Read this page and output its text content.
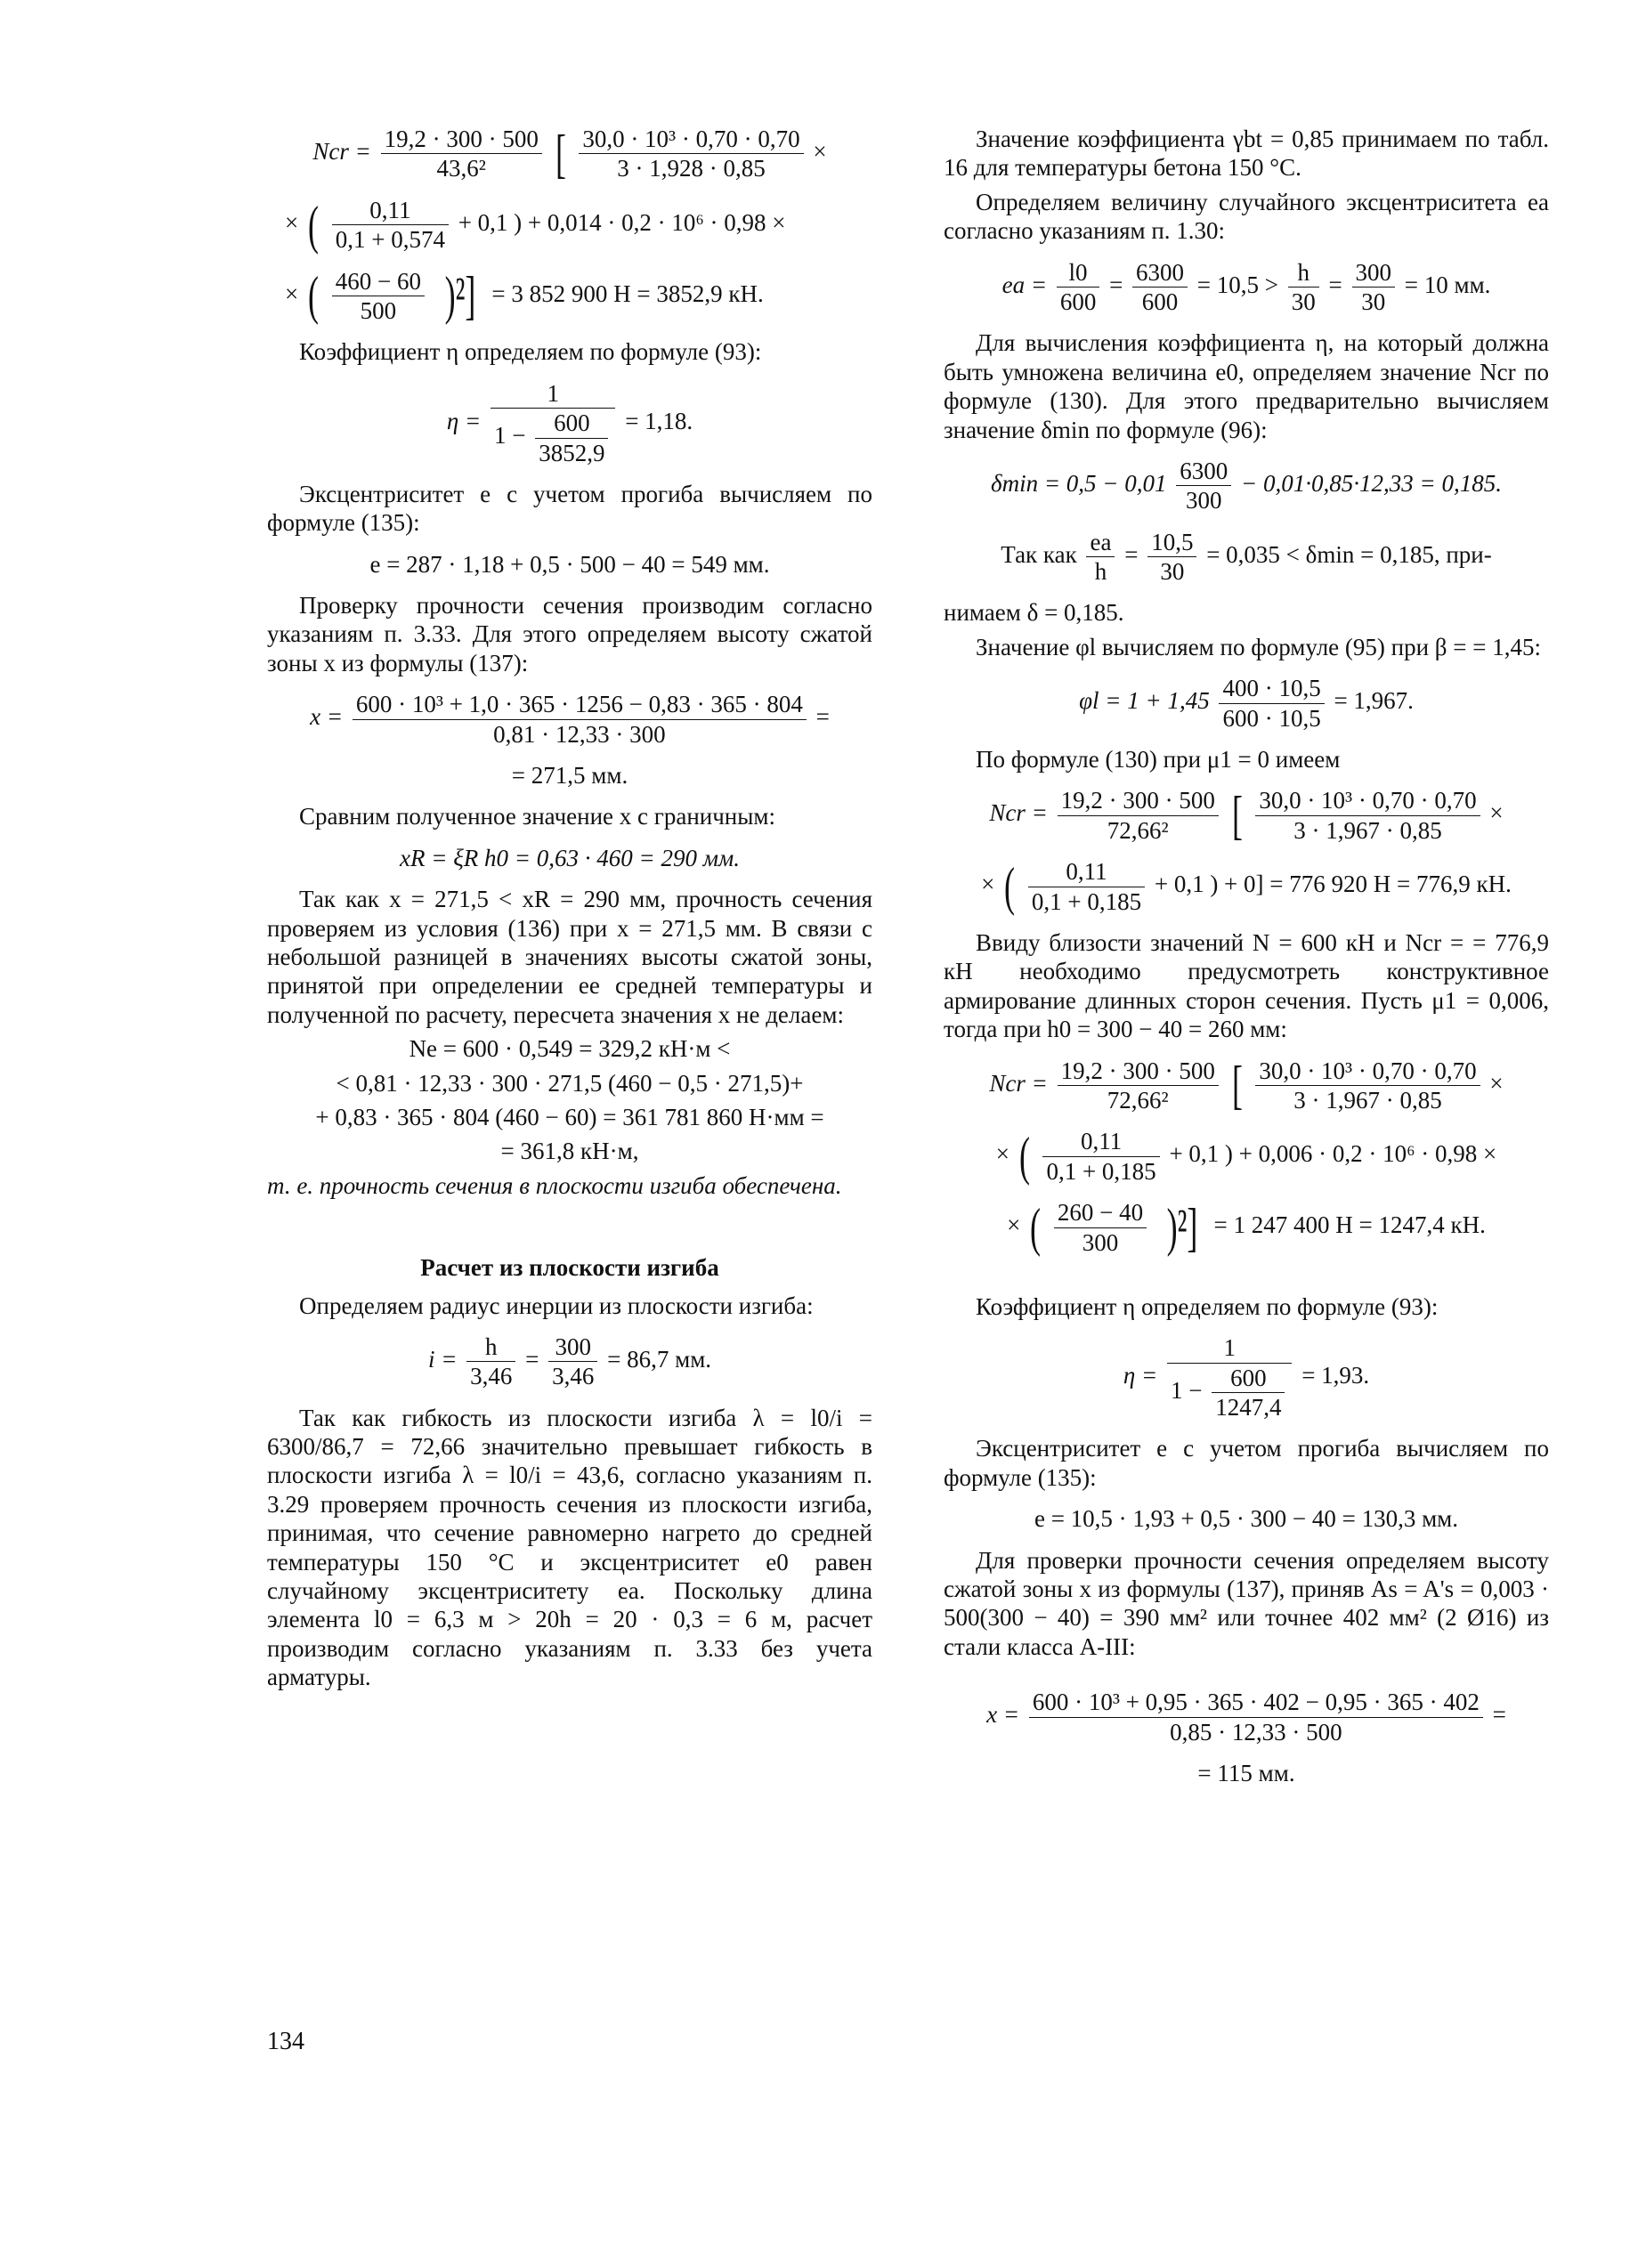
Ncr = $\frac{19,2 \cdot 300 \cdot 500}{\text{43,6²}}$ [ $\frac{\text{30,0 · 10³ · 0,70 · 0,70}}{3 \cdot 1,928 \cdot 0,85}$ ×
× ( $\frac{0,11}{0,1 + 0,574} + 0,1$ ) + 0,014 · 0,2 · 10⁶ · 0,98 ×
× ( $\frac{460 - 60}{500} )^2] = 3$ 852 900 Н = 3852,9 кН.

Коэффициент η определяем по формуле (93):

$\eta = \frac{1}{1 - \frac{600}{3852,9}} = 1,18$.

Эксцентриситет e с учетом прогиба вычисляем по формуле (135):

e = 287 · 1,18 + 0,5 · 500 − 40 = 549 мм.

Проверку прочности сечения производим согласно указаниям п. 3.33. Для этого определяем высоту сжатой зоны x из формулы (137):

$x = \frac{\text{600 · 10³ + 1,0 · 365 · 1256 − 0,83 · 365 · 804}}{0,81 \cdot 12,33 \cdot 300}$ =
= 271,5 мм.

Сравним полученное значение x с граничным:

xR = ξR h0 = 0,63 · 460 = 290 мм.

Так как x = 271,5 < xR = 290 мм, прочность сечения проверяем из условия (136) при x = 271,5 мм. В связи с небольшой разницей в значениях высоты сжатой зоны, принятой при определении ее средней температуры и полученной по расчету, пересчета значения x не делаем:

Ne = 600 · 0,549 = 329,2 кН·м <
< 0,81 · 12,33 · 300 · 271,5 (460 − 0,5 · 271,5)+
+ 0,83 · 365 · 804 (460 − 60) = 361 781 860 Н·мм =
= 361,8 кН·м,

т. е. прочность сечения в плоскости изгиба обеспечена.

Расчет из плоскости изгиба

Определяем радиус инерции из плоскости изгиба:

$i = \frac{h}{3,46} = \frac{300}{3,46} = 86,7$ мм.

Так как гибкость из плоскости изгиба λ = l0/i = 6300/86,7 = 72,66 значительно превышает гибкость в плоскости изгиба λ = l0/i = 43,6, согласно указаниям п. 3.29 проверяем прочность сечения из плоскости изгиба, принимая, что сечение равномерно нагрето до средней температуры 150 °С и эксцентриситет e0 равен случайному эксцентриситету ea. Поскольку длина элемента l0 = 6,3 м > 20h = 20 · 0,3 = 6 м, расчет производим согласно указаниям п. 3.33 без учета арматуры.

Значение коэффициента γbt = 0,85 принимаем по табл. 16 для температуры бетона 150 °С.

Определяем величину случайного эксцентриситета ea согласно указаниям п. 1.30:

ea = $\frac{l0}{600} = \frac{6300}{600} = 10,5 > \frac{h}{30} = \frac{300}{30} = 10$ мм.

Для вычисления коэффициента η, на который должна быть умножена величина e0, определяем значение Ncr по формуле (130). Для этого предварительно вычисляем значение δmin по формуле (96):

$\delta\min = 0,5 - 0,01 \frac{6300}{300} - 0,01\cdot 0,85\cdot 12,33 = 0,185$.
Так как $\frac{ea}{h} = \frac{10,5}{30} = 0,035 < \delta\min = 0,185$, при-

нимаем δ = 0,185.

Значение φl вычисляем по формуле (95) при β = = 1,45:

$\varphi l = 1 + 1,45 \frac{400 \cdot 10,5}{600 \cdot 10,5} = 1,967$.

По формуле (130) при μ1 = 0 имеем

Ncr = $\frac{19,2 \cdot 300 \cdot 500}{\text{72,66²}}$ [ $\frac{\text{30,0 · 10³ · 0,70 · 0,70}}{3 \cdot 1,967 \cdot 0,85}$ ×
× ( $\frac{0,11}{0,1 + 0,185} + 0,1$ ) + 0] = 776 920 Н = 776,9 кН.

Ввиду близости значений N = 600 кН и Ncr = = 776,9 кН необходимо предусмотреть конструктивное армирование длинных сторон сечения. Пусть μ1 = 0,006, тогда при h0 = 300 − 40 = 260 мм:

Ncr = $\frac{19,2 \cdot 300 \cdot 500}{\text{72,66²}}$ [ $\frac{\text{30,0 · 10³ · 0,70 · 0,70}}{3 \cdot 1,967 \cdot 0,85}$ ×
× ( $\frac{0,11}{0,1 + 0,185} + 0,1$ ) + 0,006 · 0,2 · 10⁶ · 0,98 ×
× ( $\frac{260 - 40}{300} )^2] = 1$ 247 400 Н = 1247,4 кН.

Коэффициент η определяем по формуле (93):

$\eta = \frac{1}{1 - \frac{600}{1247,4}} = 1,93$.

Эксцентриситет e с учетом прогиба вычисляем по формуле (135):

e = 10,5 · 1,93 + 0,5 · 300 − 40 = 130,3 мм.

Для проверки прочности сечения определяем высоту сжатой зоны x из формулы (137), приняв As = A's = 0,003 · 500(300 − 40) = 390 мм² или точнее 402 мм² (2 Ø16) из стали класса А-III:

$x = \frac{\text{600 · 10³ + 0,95 · 365 · 402 − 0,95 · 365 · 402}}{0,85 \cdot 12,33 \cdot 500}$ =
= 115 мм.
134
